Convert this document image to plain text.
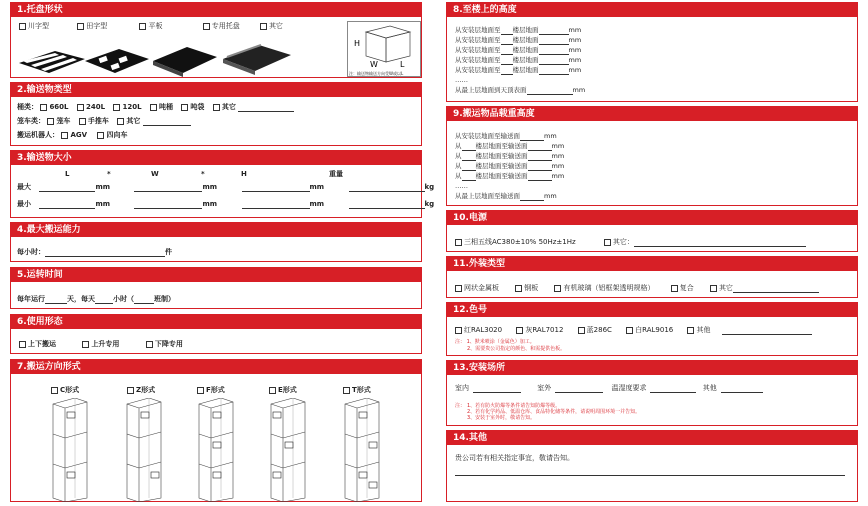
1.托盘形状
川字型	田字型	平板	专用托盘	其它
H
W	L
注：输送物输送方向受W或以L
2.输送物类型
桶类： 660L 240L 120L 吨桶 吨袋 其它
笼车类： 笼车 手推车 其它
搬运机器人： AGV	四向车
3.输送物大小
L	*	W	*	H	重量
最大	mm	mm	mm	kg
最小	mm	mm	mm	kg
4.最大搬运能力
每小时：	件
5.运转时间
每年运行	天，每天	小时（	班制）
6.使用形态
上下搬运	上升专用	下降专用
7.搬运方向形式
C形式	Z形式	F形式	E形式	T形式
8.至楼上的高度
从安装层地面至 楼层地面	mm
从安装层地面至 楼层地面	mm
从安装层地面至 楼层地面	mm
从安装层地面至 楼层地面	mm
从安装层地面至 楼层地面	mm
……
从最上层地面到天顶表面	mm
9.搬运物品载重高度
从安装层地面至输送面	mm
从 楼层地面至输送面	mm
从 楼层地面至输送面	mm
从 楼层地面至输送面	mm
从 楼层地面至输送面	mm
……
从最上层地面至输送面	mm
10.电源
三相五线AC380±10% 50Hz±1Hz	其它：
11.外装类型
网状金属板	钢板	有机玻璃（铝框架透明规格）	复合	其它
12.色号
红RAL3020	灰RAL7012	蓝286C	白RAL9016	其他
注： 1、默米喷涂（金属色）加工。
2、需要贵公司指定的颜色、和需提供色板。
13.安装场所
室内	室外	温湿度要求	其他
注： 1、若有防火防爆等条件请告知防爆等级。
2、若有化学药品、低温仓库、食品特化储等条件，请说明周围环境一并告知。
3、安装于室外时，敬请告知。
14.其他
贵公司若有相关指定事宜，敬请告知。
